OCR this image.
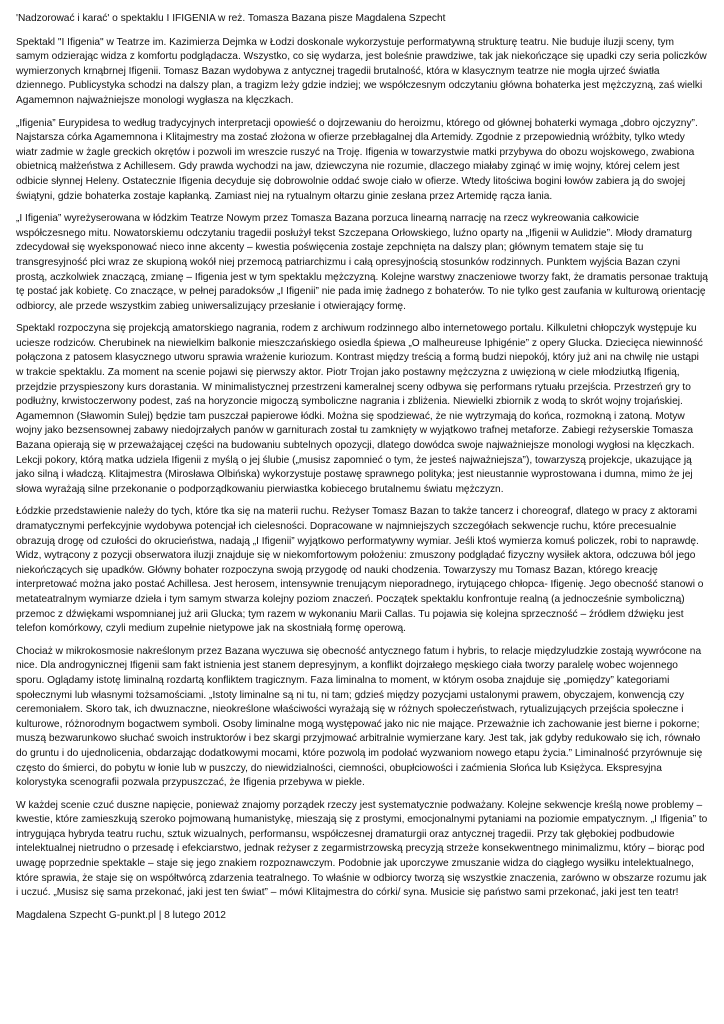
'Nadzorować i karać' o spektaklu I IFIGENIA w reż. Tomasza Bazana pisze Magdalena Szpecht
Spektakl "I Ifigenia" w Teatrze im. Kazimierza Dejmka w Łodzi doskonale wykorzystuje performatywną strukturę teatru. Nie buduje iluzji sceny, tym samym odzierając widza z komfortu podglądacza. Wszystko, co się wydarza, jest boleśnie prawdziwe, tak jak niekończące się upadki czy seria policzków wymierzonych krnąbrnej Ifigenii. Tomasz Bazan wydobywa z antycznej tragedii brutalność, która w klasycznym teatrze nie mogła ujrzeć światła dziennego. Publicystyka schodzi na dalszy plan, a tragizm leży gdzie indziej; we współczesnym odczytaniu główna bohaterka jest mężczyzną, zaś wielki Agamemnon najważniejsze monologi wygłasza na klęczkach.
„Ifigenia” Eurypidesa to według tradycyjnych interpretacji opowieść o dojrzewaniu do heroizmu, którego od głównej bohaterki wymaga „dobro ojczyzny”. Najstarsza córka Agamemnona i Klitajmestry ma zostać złożona w ofierze przebłagalnej dla Artemidy. Zgodnie z przepowiednią wróżbity, tylko wtedy wiatr zadmie w żagle greckich okrętów i pozwoli im wreszcie ruszyć na Troję. Ifigenia w towarzystwie matki przybywa do obozu wojskowego, zwabiona obietnicą małżeństwa z Achillesem. Gdy prawda wychodzi na jaw, dziewczyna nie rozumie, dlaczego miałaby zginąć w imię wojny, której celem jest odbicie słynnej Heleny. Ostatecznie Ifigenia decyduje się dobrowolnie oddać swoje ciało w ofierze. Wtedy litościwa bogini łowów zabiera ją do swojej świątyni, gdzie bohaterka zostaje kapłanką. Zamiast niej na rytualnym ołtarzu ginie zesłana przez Artemidę rącza łania.
„I Ifigenia” wyreżyserowana w łódzkim Teatrze Nowym przez Tomasza Bazana porzuca linearną narrację na rzecz wykreowania całkowicie współczesnego mitu. Nowatorskiemu odczytaniu tragedii posłużył tekst Szczepana Orłowskiego, luźno oparty na „Ifigenii w Aulidzie”. Młody dramaturg zdecydował się wyeksponować nieco inne akcenty – kwestia poświęcenia zostaje zepchnięta na dalszy plan; głównym tematem staje się tu transgresyjność płci wraz ze skupioną wokół niej przemocą patriarchizmu i całą opresyjnością stosunków rodzinnych. Punktem wyjścia Bazan czyni prostą, aczkolwiek znaczącą, zmianę – Ifigenia jest w tym spektaklu mężczyzną. Kolejne warstwy znaczeniowe tworzy fakt, że dramatis personae traktują tę postać jak kobietę. Co znaczące, w pełnej paradoksów „I Ifigenii” nie pada imię żadnego z bohaterów. To nie tylko gest zaufania w kulturową orientację odbiorcy, ale przede wszystkim zabieg uniwersalizujący przesłanie i otwierający formę.
Spektakl rozpoczyna się projekcją amatorskiego nagrania, rodem z archiwum rodzinnego albo internetowego portalu. Kilkuletni chłopczyk występuje ku uciesze rodziców. Cherubinek na niewielkim balkonie mieszczańskiego osiedla śpiewa „O malheureuse Iphigénie” z opery Glucka. Dziecięca niewinność połączona z patosem klasycznego utworu sprawia wrażenie kuriozum. Kontrast między treścią a formą budzi niepokój, który już ani na chwilę nie ustąpi w trakcie spektaklu. Za moment na scenie pojawi się pierwszy aktor. Piotr Trojan jako postawny mężczyzna z uwięzioną w ciele młodziutką Ifigenią, przejdzie przyspieszony kurs dorastania. W minimalistycznej przestrzeni kameralnej sceny odbywa się performans rytuału przejścia. Przestrzeń gry to podłużny, krwistoczerwony podest, zaś na horyzoncie migoczą symboliczne nagrania i zbliżenia. Niewielki zbiornik z wodą to skrót wojny trojańskiej. Agamemnon (Sławomin Sulej) będzie tam puszczał papierowe łódki. Można się spodziewać, że nie wytrzymają do końca, rozmokną i zatoną. Motyw wojny jako bezsensownej zabawy niedojrzałych panów w garniturach został tu zamknięty w wyjątkowo trafnej metaforze. Zabiegi reżyserskie Tomasza Bazana opierają się w przeważającej części na budowaniu subtelnych opozycji, dlatego dowódca swoje najważniejsze monologi wygłosi na klęczkach. Lekcji pokory, którą matka udziela Ifigenii z myślą o jej ślubie („musisz zapomnieć o tym, że jesteś najważniejsza”), towarzyszą projekcje, ukazujące ją jako silną i władczą. Klitajmestra (Mirosława Olbińska) wykorzystuje postawę sprawnego polityka; jest nieustannie wyprostowana i dumna, mimo że jej słowa wyrażają silne przekonanie o podporządkowaniu pierwiastka kobiecego brutalnemu światu mężczyzn.
Łódzkie przedstawienie należy do tych, które tka się na materii ruchu. Reżyser Tomasz Bazan to także tancerz i choreograf, dlatego w pracy z aktorami dramatycznymi perfekcyjnie wydobywa potencjał ich cielesności. Dopracowane w najmniejszych szczegółach sekwencje ruchu, które precesualnie obrazują drogę od czułości do okrucieństwa, nadają „I Ifigenii” wyjątkowo performatywny wymiar. Jeśli ktoś wymierza komuś policzek, robi to naprawdę. Widz, wytrącony z pozycji obserwatora iluzji znajduje się w niekomfortowym położeniu: zmuszony podglądać fizyczny wysiłek aktora, odczuwa ból jego niekończących się upadków. Główny bohater rozpoczyna swoją przygodę od nauki chodzenia. Towarzyszy mu Tomasz Bazan, którego kreację interpretować można jako postać Achillesa. Jest herosem, intensywnie trenującym nieporadnego, irytującego chłopca- Ifigenię. Jego obecność stanowi o metateatralnym wymiarze dzieła i tym samym stwarza kolejny poziom znaczeń. Początek spektaklu konfrontuje realną (a jednocześnie symboliczną) przemoc z dźwiękami wspomnianej już arii Glucka; tym razem w wykonaniu Marii Callas. Tu pojawia się kolejna sprzeczność – źródłem dźwięku jest telefon komórkowy, czyli medium zupełnie nietypowe jak na skostniałą formę operową.
Chociaż w mikrokosmosie nakreślonym przez Bazana wyczuwa się obecność antycznego fatum i hybris, to relacje międzyludzkie zostają wywrócone na nice. Dla androgynicznej Ifigenii sam fakt istnienia jest stanem depresyjnym, a konflikt dojrzałego męskiego ciała tworzy paralelę wobec wojennego sporu. Oglądamy istotę liminalną rozdartą konfliktem tragicznym. Faza liminalna to moment, w którym osoba znajduje się „pomiędzy” kategoriami społecznymi lub własnymi tożsamościami. „Istoty liminalne są ni tu, ni tam; gdzieś między pozycjami ustalonymi prawem, obyczajem, konwencją czy ceremoniałem. Skoro tak, ich dwuznaczne, nieokreślone właściwości wyrażają się w różnych społeczeństwach, rytualizujących przejścia społeczne i kulturowe, różnorodnym bogactwem symboli. Osoby liminalne mogą występować jako nic nie mające. Przeważnie ich zachowanie jest bierne i pokorne; muszą bezwarunkowo słuchać swoich instruktorów i bez skargi przyjmować arbitralnie wymierzane kary. Jest tak, jak gdyby redukowało się ich, równało do gruntu i do ujednolicenia, obdarzając dodatkowymi mocami, które pozwolą im podołać wyzwaniom nowego etapu życia.” Liminalność przyrównuje się często do śmierci, do pobytu w łonie lub w puszczy, do niewidzialności, ciemności, obupłciowości i zaćmienia Słońca lub Księżyca. Ekspresyjna kolorystyka scenografii pozwala przypuszczać, że Ifigenia przebywa w piekle.
W każdej scenie czuć duszne napięcie, ponieważ znajomy porządek rzeczy jest systematycznie podważany. Kolejne sekwencje kreślą nowe problemy – kwestie, które zamieszkują szeroko pojmowaną humanistykę, mieszają się z prostymi, emocjonalnymi pytaniami na poziomie empatycznym. „I Ifigenia” to intrygująca hybryda teatru ruchu, sztuk wizualnych, performansu, współczesnej dramaturgii oraz antycznej tragedii. Przy tak głębokiej podbudowie intelektualnej nietrudno o przesadę i efekciarstwo, jednak reżyser z zegarmistrzowską precyzją strzeże konsekwentnego minimalizmu, który – biorąc pod uwagę poprzednie spektakle – staje się jego znakiem rozpoznawczym. Podobnie jak uporczywe zmuszanie widza do ciągłego wysiłku intelektualnego, które sprawia, że staje się on współtwórcą zdarzenia teatralnego. To właśnie w odbiorcy tworzą się wszystkie znaczenia, zarówno w obszarze rozumu jak i uczuć. „Musisz się sama przekonać, jaki jest ten świat” – mówi Klitajmestra do córki/ syna. Musicie się państwo sami przekonać, jaki jest ten teatr!
Magdalena Szpecht G-punkt.pl | 8 lutego 2012
